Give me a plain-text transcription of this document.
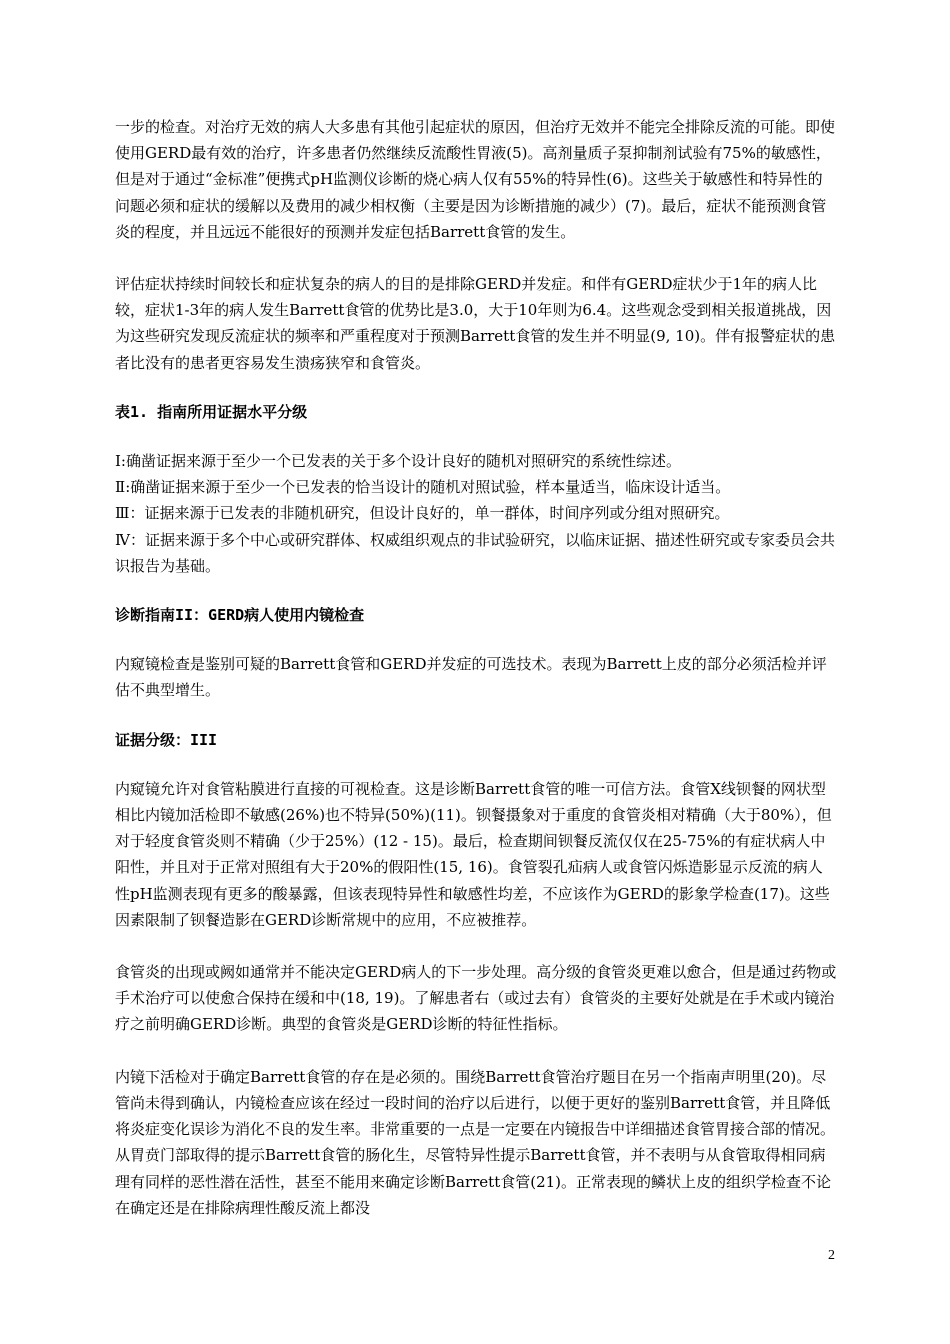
一步的检查。对治疗无效的病人大多患有其他引起症状的原因，但治疗无效并不能完全排除反流的可能。即使使用GERD最有效的治疗，许多患者仍然继续反流酸性胃液(5)。高剂量质子泵抑制剂试验有75%的敏感性，但是对于通过“金标准”便携式pH监测仪诊断的烧心病人仅有55%的特异性(6)。这些关于敏感性和特异性的问题必须和症状的缓解以及费用的减少相权衡（主要是因为诊断措施的减少）(7)。最后，症状不能预测食管炎的程度，并且远远不能很好的预测并发症包括Barrett食管的发生。

评估症状持续时间较长和症状复杂的病人的目的是排除GERD并发症。和伴有GERD症状少于1年的病人比较，症状1-3年的病人发生Barrett食管的优势比是3.0，大于10年则为6.4。这些观念受到相关报道挑战，因为这些研究发现反流症状的频率和严重程度对于预测Barrett食管的发生并不明显(9, 10)。伴有报警症状的患者比没有的患者更容易发生溃疡狭窄和食管炎。

表1. 指南所用证据水平分级

Ⅰ:确凿证据来源于至少一个已发表的关于多个设计良好的随机对照研究的系统性综述。

Ⅱ:确凿证据来源于至少一个已发表的恰当设计的随机对照试验，样本量适当，临床设计适当。

Ⅲ：证据来源于已发表的非随机研究，但设计良好的，单一群体，时间序列或分组对照研究。

Ⅳ：证据来源于多个中心或研究群体、权威组织观点的非试验研究，以临床证据、描述性研究或专家委员会共识报告为基础。

诊断指南II：GERD病人使用内镜检查

内窥镜检查是鉴别可疑的Barrett食管和GERD并发症的可选技术。表现为Barrett上皮的部分必须活检并评估不典型增生。

证据分级：III

内窥镜允许对食管粘膜进行直接的可视检查。这是诊断Barrett食管的唯一可信方法。食管X线钡餐的网状型相比内镜加活检即不敏感(26%)也不特异(50%)(11)。钡餐摄象对于重度的食管炎相对精确（大于80%），但对于轻度食管炎则不精确（少于25%）(12 - 15)。最后，检查期间钡餐反流仅仅在25-75%的有症状病人中阳性，并且对于正常对照组有大于20%的假阳性(15, 16)。食管裂孔疝病人或食管闪烁造影显示反流的病人性pH监测表现有更多的酸暴露，但该表现特异性和敏感性均差，不应该作为GERD的影象学检查(17)。这些因素限制了钡餐造影在GERD诊断常规中的应用，不应被推荐。

食管炎的出现或阙如通常并不能决定GERD病人的下一步处理。高分级的食管炎更难以愈合，但是通过药物或手术治疗可以使愈合保持在缓和中(18, 19)。了解患者右（或过去有）食管炎的主要好处就是在手术或内镜治疗之前明确GERD诊断。典型的食管炎是GERD诊断的特征性指标。

内镜下活检对于确定Barrett食管的存在是必须的。围绕Barrett食管治疗题目在另一个指南声明里(20)。尽管尚未得到确认，内镜检查应该在经过一段时间的治疗以后进行，以便于更好的鉴别Barrett食管，并且降低将炎症变化误诊为消化不良的发生率。非常重要的一点是一定要在内镜报告中详细描述食管胃接合部的情况。从胃贲门部取得的提示Barrett食管的肠化生，尽管特异性提示Barrett食管，并不表明与从食管取得相同病理有同样的恶性潜在活性，甚至不能用来确定诊断Barrett食管(21)。正常表现的鳞状上皮的组织学检查不论在确定还是在排除病理性酸反流上都没

2
